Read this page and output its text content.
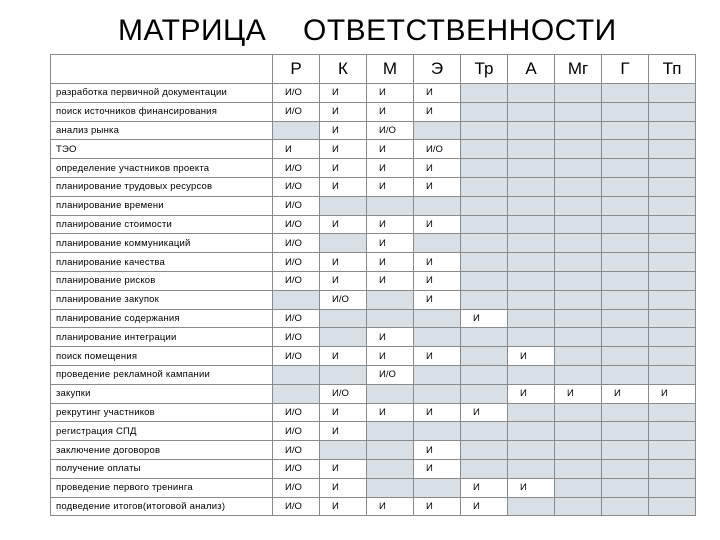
МАТРИЦА ОТВЕТСТВЕННОСТИ
	Р	К	М	Э	Тр	А	Мг	Г	Тп
разработка первичной документации	И/О	И	И	И					
поиск источников финансирования	И/О	И	И	И					
анализ рынка		И	И/О						
ТЭО	И	И	И	И/О					
определение участников проекта	И/О	И	И	И					
планирование трудовых ресурсов	И/О	И	И	И					
планирование времени	И/О								
планирование стоимости	И/О	И	И	И					
планирование коммуникаций	И/О		И						
планирование качества	И/О	И	И	И					
планирование рисков	И/О	И	И	И					
планирование закупок		И/О		И					
планирование содержания	И/О				И				
планирование интеграции	И/О		И						
поиск помещения	И/О	И	И	И		И			
проведение рекламной кампании			И/О						
закупки		И/О				И	И	И	И
рекрутинг участников	И/О	И	И	И	И				
регистрация СПД	И/О	И							
заключение договоров	И/О			И					
получение оплаты	И/О	И		И					
проведение первого тренинга	И/О	И			И	И			
подведение итогов(итоговой анализ)	И/О	И	И	И	И				
